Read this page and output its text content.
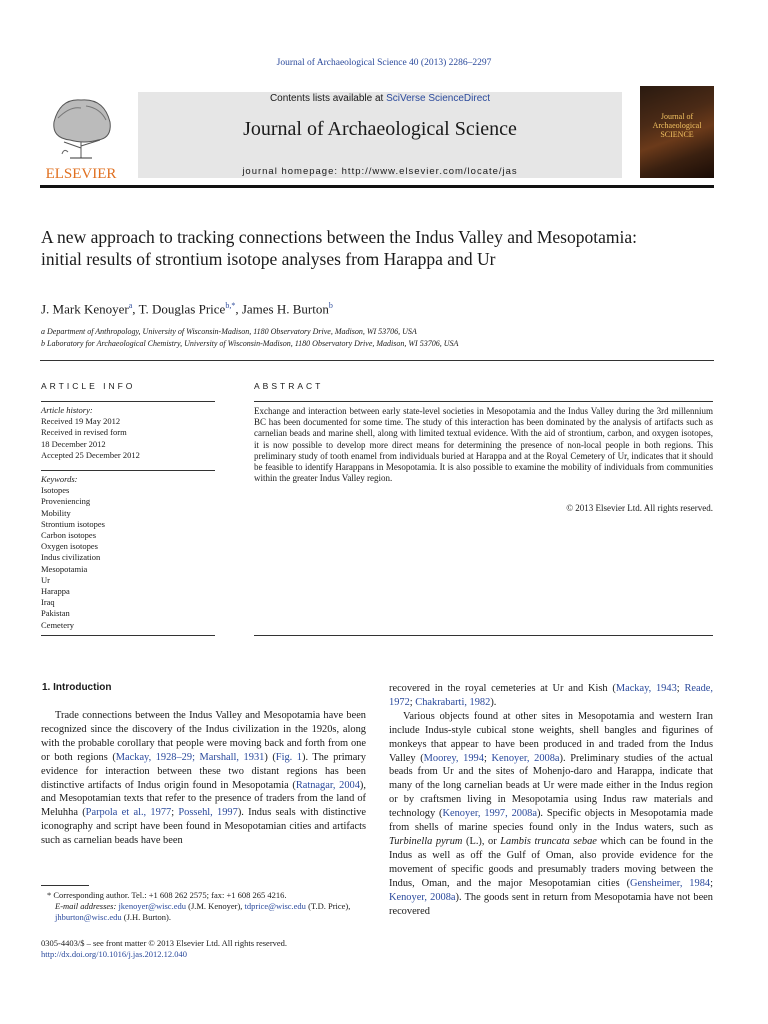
Journal of Archaeological Science 40 (2013) 2286–2297
ELSEVIER
Contents lists available at SciVerse ScienceDirect
Journal of Archaeological Science
journal homepage: http://www.elsevier.com/locate/jas
Journal of Archaeological SCIENCE
A new approach to tracking connections between the Indus Valley and Mesopotamia: initial results of strontium isotope analyses from Harappa and Ur
J. Mark Kenoyer$^a$, T. Douglas Price$^{b,*}$, James H. Burton$^b$
a Department of Anthropology, University of Wisconsin-Madison, 1180 Observatory Drive, Madison, WI 53706, USA
b Laboratory for Archaeological Chemistry, University of Wisconsin-Madison, 1180 Observatory Drive, Madison, WI 53706, USA
ARTICLE INFO
Article history:
Received 19 May 2012
Received in revised form
18 December 2012
Accepted 25 December 2012
Keywords:
Isotopes
Proveniencing
Mobility
Strontium isotopes
Carbon isotopes
Oxygen isotopes
Indus civilization
Mesopotamia
Ur
Harappa
Iraq
Pakistan
Cemetery
ABSTRACT
Exchange and interaction between early state-level societies in Mesopotamia and the Indus Valley during the 3rd millennium BC has been documented for some time. The study of this interaction has been dominated by the analysis of artifacts such as carnelian beads and marine shell, along with limited textual evidence. With the aid of strontium, carbon, and oxygen isotopes, it is now possible to develop more direct means for determining the presence of non-local people in both regions. This preliminary study of tooth enamel from individuals buried at Harappa and at the Royal Cemetery of Ur, indicates that it should be feasible to identify Harappans in Mesopotamia. It is also possible to examine the mobility of individuals from communities within the greater Indus Valley region.
© 2013 Elsevier Ltd. All rights reserved.
1. Introduction

Trade connections between the Indus Valley and Mesopotamia have been recognized since the discovery of the Indus civilization in the 1920s, along with the probable corollary that people were moving back and forth from one or both regions (Mackay, 1928–29; Marshall, 1931) (Fig. 1). The primary evidence for interaction between these two distant regions has been distinctive artifacts of Indus origin found in Mesopotamia (Ratnagar, 2004), and Mesopotamian texts that refer to the presence of traders from the land of Meluhha (Parpola et al., 1977; Possehl, 1997). Indus seals with distinctive iconography and script have been found in Mesopotamian cities and artifacts such as carnelian beads have been

recovered in the royal cemeteries at Ur and Kish (Mackay, 1943; Reade, 1972; Chakrabarti, 1982).

Various objects found at other sites in Mesopotamia and western Iran include Indus-style cubical stone weights, shell bangles and figurines of monkeys that appear to have been produced in and traded from the Indus Valley (Moorey, 1994; Kenoyer, 2008a). Preliminary studies of the actual beads from Ur and the sites of Mohenjo-daro and Harappa, indicate that many of the long carnelian beads at Ur were made either in the Indus region or by craftsmen living in Mesopotamia using Indus raw materials and technology (Kenoyer, 1997, 2008a). Specific objects in Mesopotamia made from shells of marine species found only in the Indus waters, such as Turbinella pyrum (L.), or Lambis truncata sebae which can be found in the Indus as well as off the Gulf of Oman, also provide evidence for the movement of specific goods and presumably traders moving between the Indus, Oman, and the major Mesopotamian cities (Gensheimer, 1984; Kenoyer, 2008a). The goods sent in return from Mesopotamia have not been recovered

* Corresponding author. Tel.: +1 608 262 2575; fax: +1 608 265 4216.
E-mail addresses: jkenoyer@wisc.edu (J.M. Kenoyer), tdprice@wisc.edu (T.D. Price), jhburton@wisc.edu (J.H. Burton).
0305-4403/$ – see front matter © 2013 Elsevier Ltd. All rights reserved.
http://dx.doi.org/10.1016/j.jas.2012.12.040
